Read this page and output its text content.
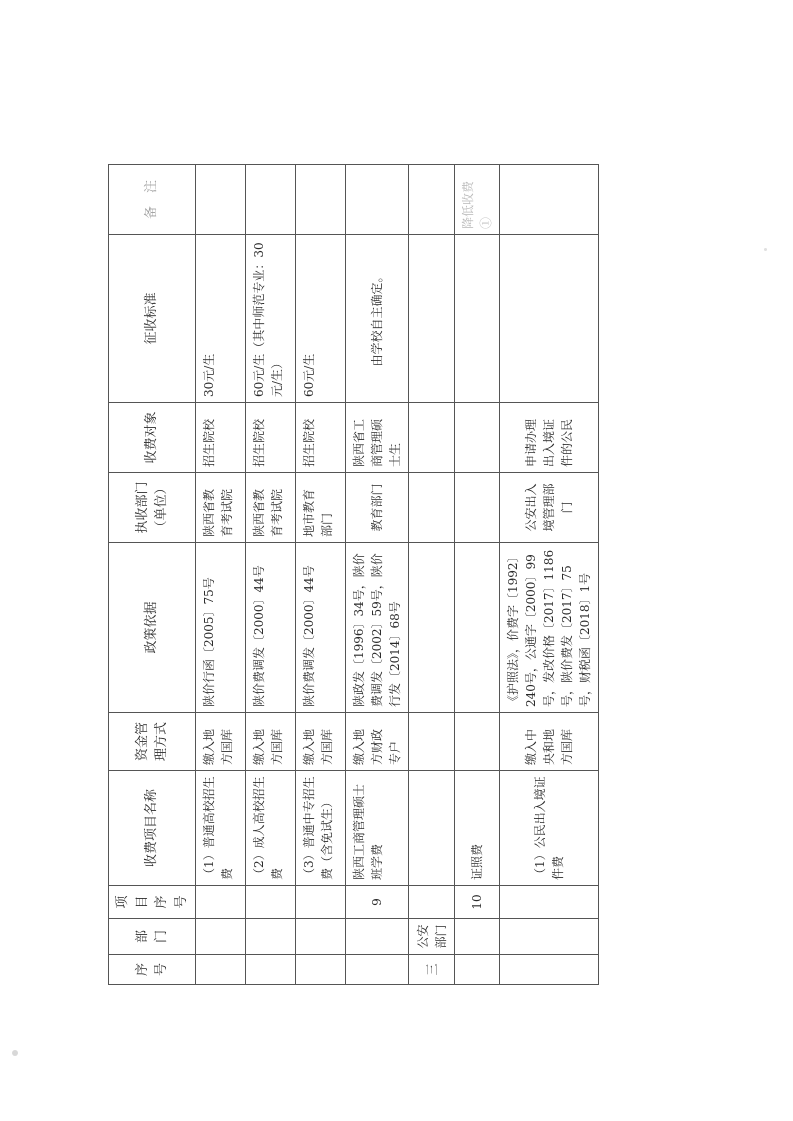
序号	部门	项目序号	收费项目名称	资金管理方式	政策依据	执收部门（单位）	收费对象	征收标准	备　注
			（1）普通高校招生费	缴入地方国库	陕价行函〔2005〕75号	陕西省教育考试院	招生院校	30元/生	
			（2）成人高校招生费	缴入地方国库	陕价费调发〔2000〕44号	陕西省教育考试院	招生院校	60元/生（其中师范专业：30元/生）	
			（3）普通中专招生费（含免试生）	缴入地方国库	陕价费调发〔2000〕44号	地市教育部门	招生院校	60元/生	
		9	陕西工商管理硕士班学费	缴入地方财政专户	陕政发〔1996〕34号，陕价费调发〔2002〕59号，陕价行发〔2014〕68号	教育部门	陕西省工商管理硕士生	由学校自主确定。	
三	公安部门								
		10	证照费						降低收费①
			（1）公民出入境证件费	缴入中央和地方国库	《护照法》，价费字〔1992〕240号，公通字〔2000〕99号，发改价格〔2017〕1186号，陕价费发〔2017〕75号，财税函〔2018〕1号	公安出入境管理部门	申请办理出入境证件的公民		
